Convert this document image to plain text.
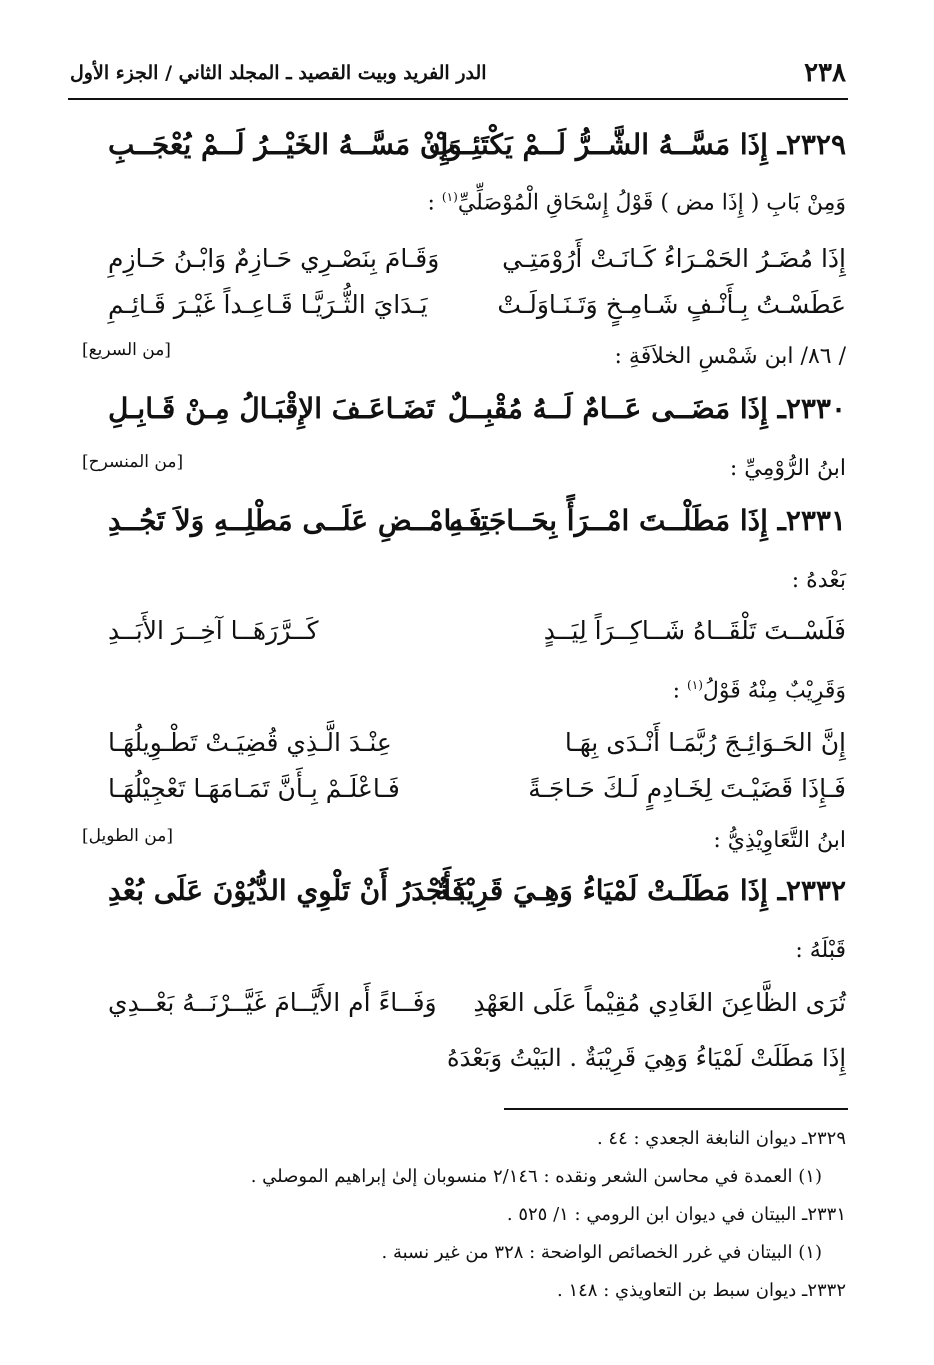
٢٣٨
الدر الفريد وبيت القصيد ـ المجلد الثاني / الجزء الأول
٢٣٢٩ـ إِذَا مَسَّــهُ الشَّــرُّ لَــمْ يَكْتَئِــبْ
وَإِنْ مَسَّــهُ الخَيْــرُ لَــمْ يُعْجَــبِ
وَمِنْ بَابِ ( إِذَا مض ) قَوْلُ إِسْحَاقِ الْمُوْصَلِّيِّ$^{(١)}$ :
إِذَا مُضَـرُ الحَمْـرَاءُ كَـانَـتْ أَرُوْمَتِـي
وَقَـامَ بِنَصْـرِي حَـازِمٌ وَابْـنُ حَـازِمِ
عَطَسْـتُ بِـأَنْـفٍ شَـامِـخٍ وَتَـنَـاوَلَـتْ
يَـدَايَ الثُّـرَيَّـا قَـاعِـداً غَيْـرَ قَـائِـمِ
/ ٨٦/ ابن شَمْسِ الخلاَفَةِ :
[من السريع]
٢٣٣٠ـ إِذَا مَضَــى عَــامٌ لَــهُ مُقْبِــلٌ
تَضَـاعَـفَ الإِقْبَـالُ مِـنْ قَـابِـلِ
ابنُ الرُّوْمِيِّ :
[من المنسرح]
٢٣٣١ـ إِذَا مَطَلْــتَ امْــرَأً بِحَــاجَتِــهِ
فَــامْــضِ عَلَــى مَطْلِــهِ وَلاَ تَجُــدِ
بَعْدهُ :
فَلَسْــتَ تَلْقَــاهُ شَــاكِــرَاً لِيَــدٍ
كَــرَّرَهَــا آخِــرَ الأَبَــدِ
وَقَرِيْبٌ مِنْهُ قَوْلُ$^{(١)}$ :
إِنَّ الحَـوَائِـجَ رُبَّمَـا أَنْـدَى بِهَـا
عِنْـدَ الَّـذِي قُضِيَـتْ تَطْـوِيلُهَـا
فَـإِذَا قَضَيْـتَ لِخَـادِمٍ لَـكَ حَـاجَـةً
فَـاعْلَـمْ بِـأَنَّ تَمَـامَهَـا تَعْجِيْلُهَـا
ابنُ التَّعَاوِيْذِيُّ :
[من الطويل]
٢٣٣٢ـ إِذَا مَطَلَـتْ لَمْيَاءُ وَهِـيَ قَرِيْبَـةٌ
فَأَجْدَرُ أَنْ تَلْوِي الدُّيُوْنَ عَلَى بُعْدِ
قَبْلَهُ :
تُرَى الظَّاعِنَ الغَادِي مُقِيْماً عَلَى العَهْدِ
وَفَــاءً أَم الأَيَّــامَ غَيَّــرْنَــهُ بَعْــدِي
إِذَا مَطَلَتْ لَمْيَاءُ وَهِيَ قَرِيْبَةٌ . البَيْتُ وَبَعْدَهُ
٢٣٢٩ـ ديوان النابغة الجعدي : ٤٤ .
(١) العمدة في محاسن الشعر ونقده : ٢/١٤٦ منسوبان إلىٰ إبراهيم الموصلي .
٢٣٣١ـ البيتان في ديوان ابن الرومي : ١/ ٥٢٥ .
(١) البيتان في غرر الخصائص الواضحة : ٣٢٨ من غير نسبة .
٢٣٣٢ـ ديوان سبط بن التعاويذي : ١٤٨ .
